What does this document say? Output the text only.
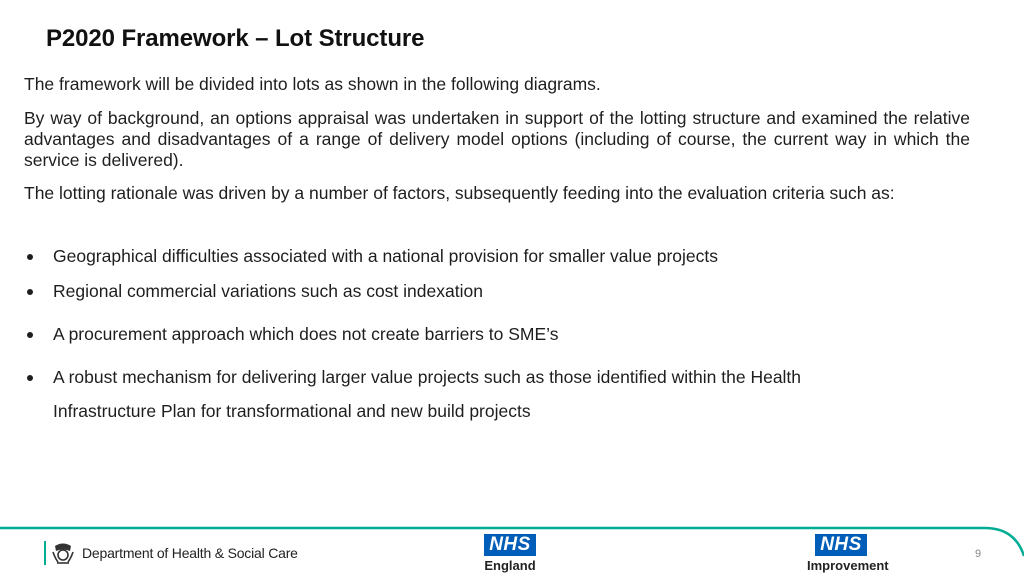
P2020 Framework – Lot Structure
The framework will be divided into lots as shown in the following diagrams.
By way of background, an options appraisal was undertaken in support of the lotting structure and examined the relative advantages and disadvantages of a range of delivery model options (including of course, the current way in which the service is delivered).
The lotting rationale was driven by a number of factors, subsequently feeding into the evaluation criteria such as:
Geographical difficulties associated with a national provision for smaller value projects
Regional commercial variations such as cost indexation
A procurement approach which does not create barriers to SME’s
A robust mechanism for delivering larger value projects such as those identified within the Health
Infrastructure Plan for transformational and new build projects
Department of Health & Social Care	NHS
England
NHS
Improvement
9
